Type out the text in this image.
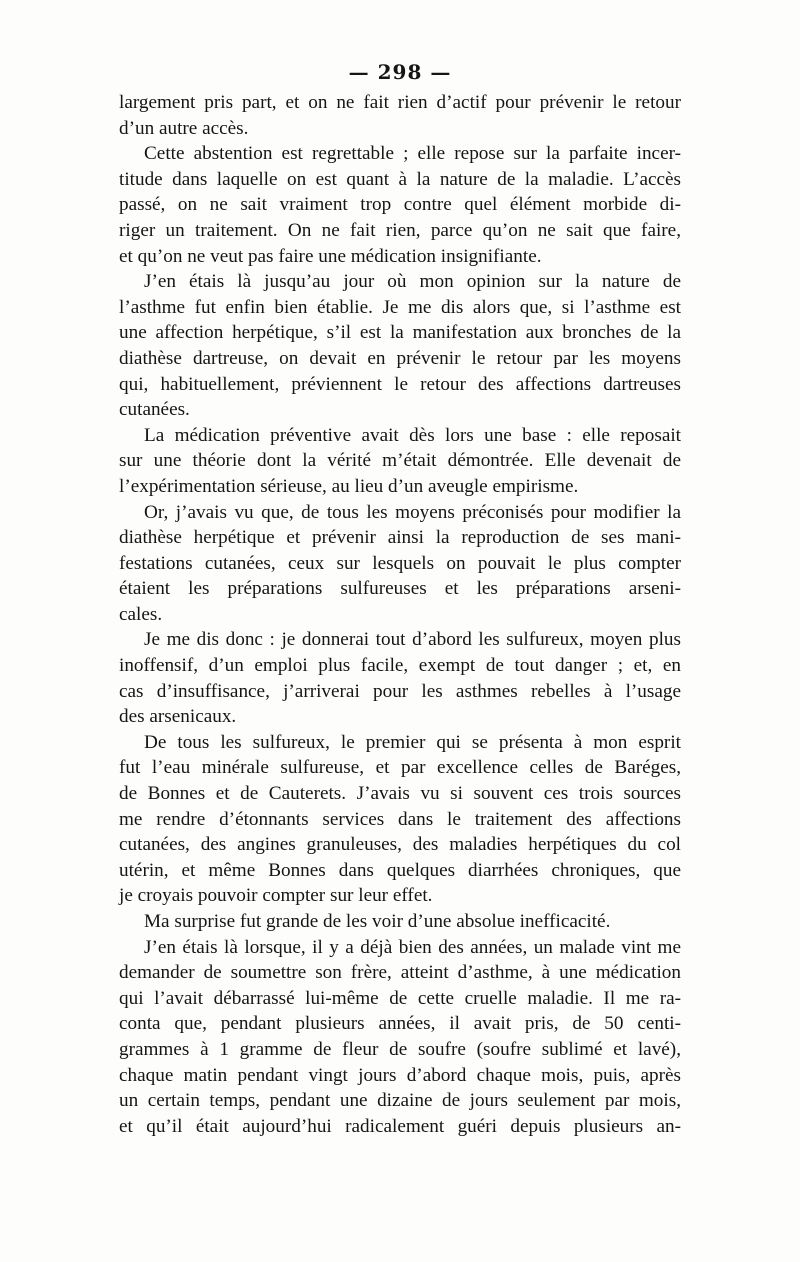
— 298 —

largement pris part, et on ne fait rien d’actif pour prévenir le retour
d’un autre accès.

Cette abstention est regrettable ; elle repose sur la parfaite incer-
titude dans laquelle on est quant à la nature de la maladie. L’accès
passé, on ne sait vraiment trop contre quel élément morbide di-
riger un traitement. On ne fait rien, parce qu’on ne sait que faire,
et qu’on ne veut pas faire une médication insignifiante.

J’en étais là jusqu’au jour où mon opinion sur la nature de
l’asthme fut enfin bien établie. Je me dis alors que, si l’asthme est
une affection herpétique, s’il est la manifestation aux bronches de la
diathèse dartreuse, on devait en prévenir le retour par les moyens
qui, habituellement, préviennent le retour des affections dartreuses
cutanées.

La médication préventive avait dès lors une base : elle reposait
sur une théorie dont la vérité m’était démontrée. Elle devenait de
l’expérimentation sérieuse, au lieu d’un aveugle empirisme.

Or, j’avais vu que, de tous les moyens préconisés pour modifier la
diathèse herpétique et prévenir ainsi la reproduction de ses mani-
festations cutanées, ceux sur lesquels on pouvait le plus compter
étaient les préparations sulfureuses et les préparations arseni-
cales.

Je me dis donc : je donnerai tout d’abord les sulfureux, moyen plus
inoffensif, d’un emploi plus facile, exempt de tout danger ; et, en
cas d’insuffisance, j’arriverai pour les asthmes rebelles à l’usage
des arsenicaux.

De tous les sulfureux, le premier qui se présenta à mon esprit
fut l’eau minérale sulfureuse, et par excellence celles de Baréges,
de Bonnes et de Cauterets. J’avais vu si souvent ces trois sources
me rendre d’étonnants services dans le traitement des affections
cutanées, des angines granuleuses, des maladies herpétiques du col
utérin, et même Bonnes dans quelques diarrhées chroniques, que
je croyais pouvoir compter sur leur effet.

Ma surprise fut grande de les voir d’une absolue inefficacité.

J’en étais là lorsque, il y a déjà bien des années, un malade vint me
demander de soumettre son frère, atteint d’asthme, à une médication
qui l’avait débarrassé lui-même de cette cruelle maladie. Il me ra-
conta que, pendant plusieurs années, il avait pris, de 50 centi-
grammes à 1 gramme de fleur de soufre (soufre sublimé et lavé),
chaque matin pendant vingt jours d’abord chaque mois, puis, après
un certain temps, pendant une dizaine de jours seulement par mois,
et qu’il était aujourd’hui radicalement guéri depuis plusieurs an-
